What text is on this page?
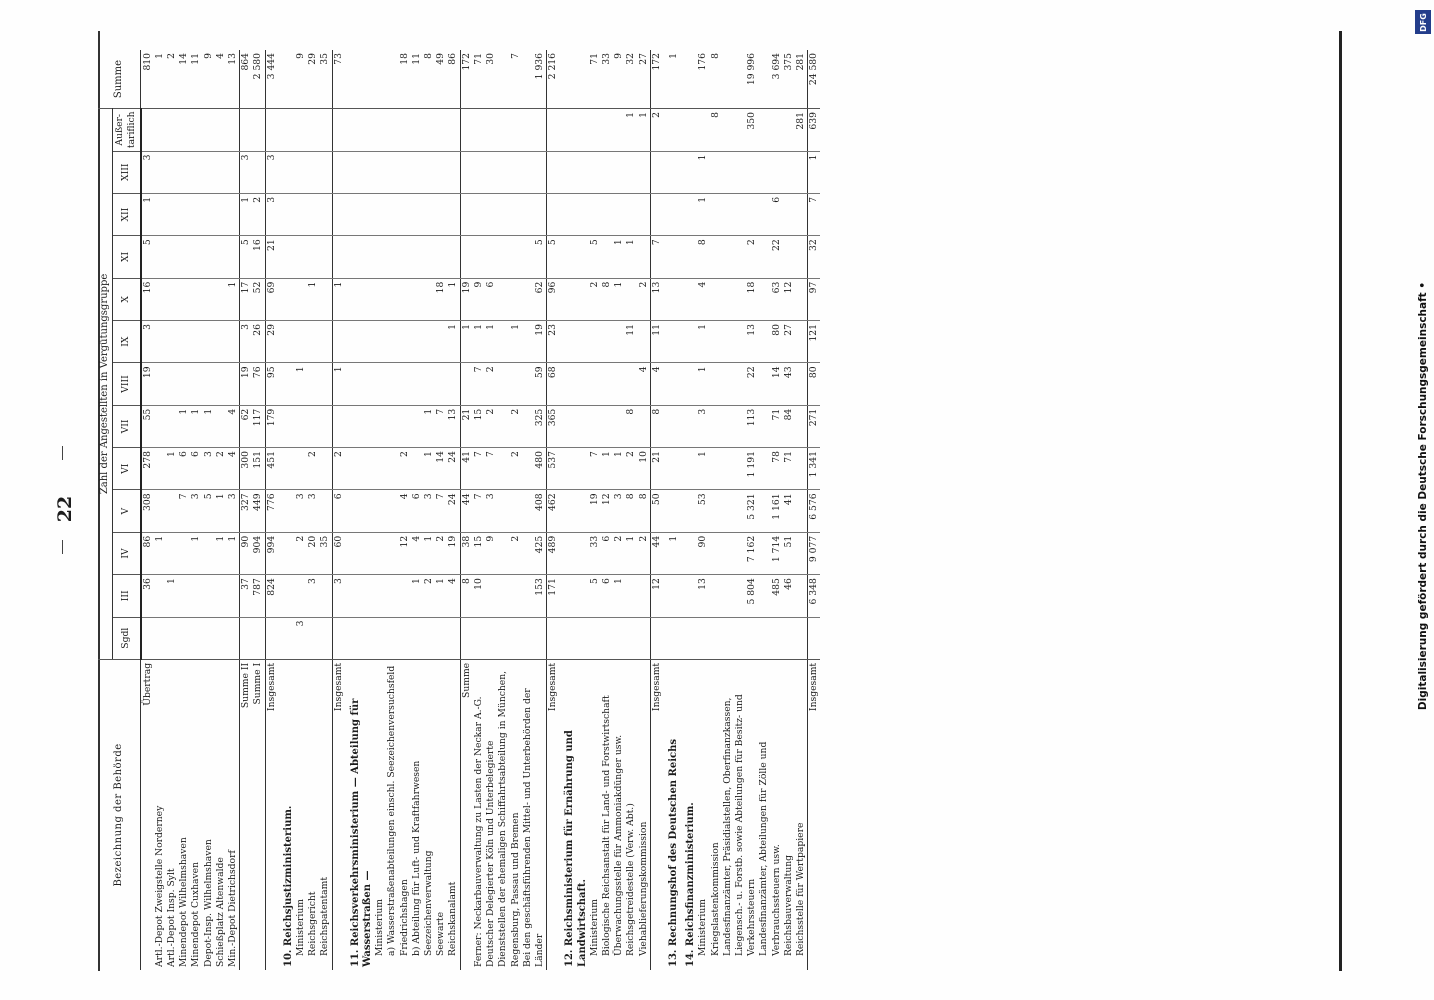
22
Bezeichnung der Behörde	Zahl der Angestellten in Vergütungsgruppe													Summe
	Sgdl	III	IV	V	VI	VII	VIII	IX	X	XI	XII	XIII	Außer-tariflich	
Übertrag		36	86	308	278	55	19	3	16	5	1	3		810
Artl.-Depot Zweigstelle Norderney			1											1
Artl.-Depot Insp. Sylt		1			1									2
Minendepot Wilhelmshaven				7	6	1								14
Minendepot Cuxhaven			1	3	6	1								11
Depot-Insp. Wilhelmshaven				5	3	1								9
Schießplatz Altenwalde			1	1	2									4
Min.-Depot Dietrichsdorf			1	3	4	4			1					13
Summe II		37	90	327	300	62	19	3	17	5	1	3		864
Summe I		787	904	449	151	117	76	26	52	16	2			2 580
Insgesamt		824	994	776	451	179	95	29	69	21	3	3		3 444
10. Reichsjustizministerium.														
Ministerium	3		2	3			1							9
Reichsgericht		3	20	3	2				1					29
Reichspatentamt			35											35
Insgesamt		3	60	6	2		1		1					73
11. Reichsverkehrsministerium — Abteilung für Wasserstraßen —														
Ministerium														
a) Wasserstraßenabteilungen einschl. Seezeichenversuchsfeld Friedrichshagen			12	4	2									18
b) Abteilung für Luft- und Kraftfahrwesen		1	4	6										11
Seezeichenverwaltung		2	1	3	1	1								8
Seewarte		1	2	7	14	7			18					49
Reichskanalamt		4	19	24	24	13		1	1					86
Summe		8	38	44	41	21		1	19					172
Ferner: Neckarbauverwaltung zu Lasten der Neckar A.-G.		10	15	7	7	15	7	1	9					71
Deutscher Delegierter Köln und Unterbelegierte			9	3	7	2	2	1	6					30
Dienststellen der ehemaligen Schiffahrtsabteilung in München, Regensburg, Passau und Bremen			2		2	2		1						7
Bei den geschäftsführenden Mittel- und Unterbehörden der Länder		153	425	408	480	325	59	19	62	5				1 936
Insgesamt		171	489	462	537	365	68	23	96	5				2 216
12. Reichsministerium für Ernährung und Landwirtschaft.														
Ministerium		5	33	19	7				2	5				71
Biologische Reichsanstalt für Land- und Forstwirtschaft		6	6	12	1				8					33
Überwachungsstelle für Ammoniakdünger usw.		1	2	3	1				1	1				9
Reichsgetreidestelle (Verw. Abt.)			1	8	2	8		11		1			1	32
Viehablieferungskommission			2	8	10		4		2				1	27
Insgesamt		12	44	50	21	8	4	11	13	7			2	172
13. Rechnungshof des Deutschen Reichs			1											1
14. Reichsfinanzministerium.														
Ministerium		13	90	53	1	3	1	1	4	8	1	1		176
Kriegslastenkommission													8	8
Landesfinanzämter, Präsidialstellen, Oberfinanzkassen, Liegensch.- u. Forstb. sowie Abteilungen für Besitz- und Verkehrssteuern		5 804	7 162	5 321	1 191	113	22	13	18	2			350	19 996
Landesfinanzämter, Abteilungen für Zölle und Verbrauchssteuern usw.		485	1 714	1 161	78	71	14	80	63	22	6			3 694
Reichsbauverwaltung		46	51	41	71	84	43	27	12					375
Reichsstelle für Wertpapiere													281	281
Insgesamt		6 348	9 077	6 576	1 341	271	80	121	97	32	7	1	639	24 580
DFG
Digitalisierung gefördert durch die Deutsche Forschungsgemeinschaft •
